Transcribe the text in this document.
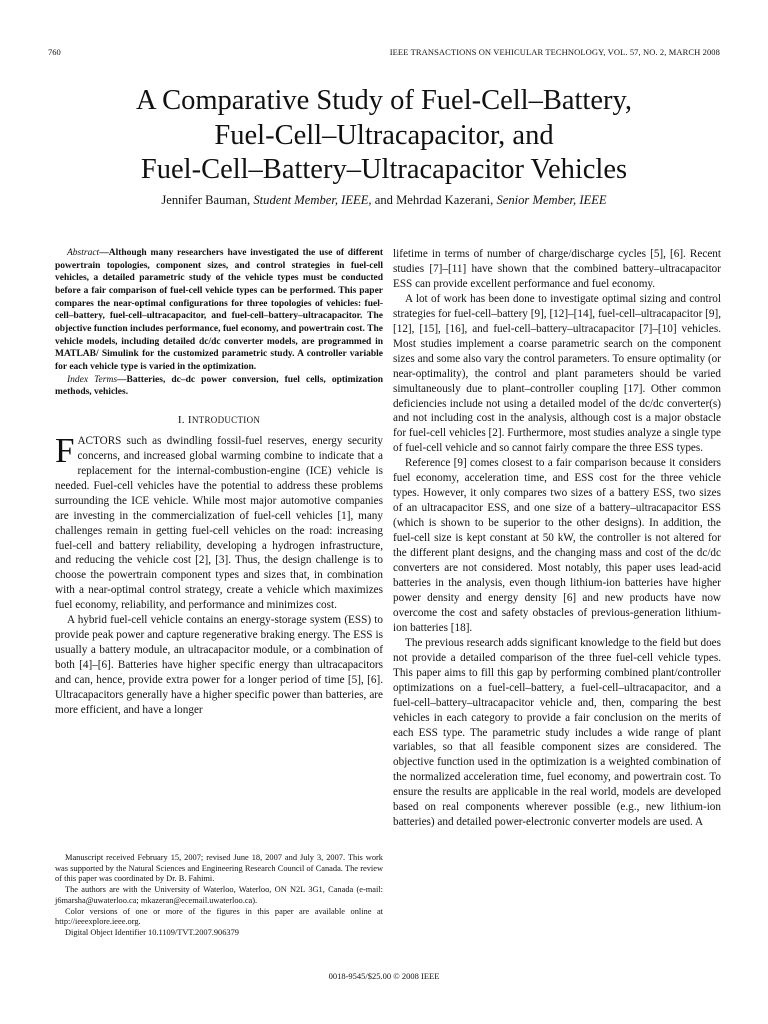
760	IEEE TRANSACTIONS ON VEHICULAR TECHNOLOGY, VOL. 57, NO. 2, MARCH 2008
A Comparative Study of Fuel-Cell–Battery,
Fuel-Cell–Ultracapacitor, and
Fuel-Cell–Battery–Ultracapacitor Vehicles

Jennifer Bauman, Student Member, IEEE, and Mehrdad Kazerani, Senior Member, IEEE

Abstract—Although many researchers have investigated the use of different powertrain topologies, component sizes, and control strategies in fuel-cell vehicles, a detailed parametric study of the vehicle types must be conducted before a fair comparison of fuel-cell vehicle types can be performed. This paper compares the near-optimal configurations for three topologies of vehicles: fuel-cell–battery, fuel-cell–ultracapacitor, and fuel-cell–battery–ultracapacitor. The objective function includes performance, fuel economy, and powertrain cost. The vehicle models, including detailed dc/dc converter models, are programmed in MATLAB/ Simulink for the customized parametric study. A controller variable for each vehicle type is varied in the optimization.

Index Terms—Batteries, dc–dc power conversion, fuel cells, optimization methods, vehicles.

I. INTRODUCTION

FACTORS such as dwindling fossil-fuel reserves, energy security concerns, and increased global warming combine to indicate that a replacement for the internal-combustion-engine (ICE) vehicle is needed. Fuel-cell vehicles have the potential to address these problems surrounding the ICE vehicle. While most major automotive companies are investing in the commercialization of fuel-cell vehicles [1], many challenges remain in getting fuel-cell vehicles on the road: increasing fuel-cell and battery reliability, developing a hydrogen infrastructure, and reducing the vehicle cost [2], [3]. Thus, the design challenge is to choose the powertrain component types and sizes that, in combination with a near-optimal control strategy, create a vehicle which maximizes fuel economy, reliability, and performance and minimizes cost.

A hybrid fuel-cell vehicle contains an energy-storage system (ESS) to provide peak power and capture regenerative braking energy. The ESS is usually a battery module, an ultracapacitor module, or a combination of both [4]–[6]. Batteries have higher specific energy than ultracapacitors and can, hence, provide extra power for a longer period of time [5], [6]. Ultracapacitors generally have a higher specific power than batteries, are more efficient, and have a longer

lifetime in terms of number of charge/discharge cycles [5], [6]. Recent studies [7]–[11] have shown that the combined battery–ultracapacitor ESS can provide excellent performance and fuel economy.

A lot of work has been done to investigate optimal sizing and control strategies for fuel-cell–battery [9], [12]–[14], fuel-cell–ultracapacitor [9], [12], [15], [16], and fuel-cell–battery–ultracapacitor [7]–[10] vehicles. Most studies implement a coarse parametric search on the component sizes and some also vary the control parameters. To ensure optimality (or near-optimality), the control and plant parameters should be varied simultaneously due to plant–controller coupling [17]. Other common deficiencies include not using a detailed model of the dc/dc converter(s) and not including cost in the analysis, although cost is a major obstacle for fuel-cell vehicles [2]. Furthermore, most studies analyze a single type of fuel-cell vehicle and so cannot fairly compare the three ESS types.

Reference [9] comes closest to a fair comparison because it considers fuel economy, acceleration time, and ESS cost for the three vehicle types. However, it only compares two sizes of a battery ESS, two sizes of an ultracapacitor ESS, and one size of a battery–ultracapacitor ESS (which is shown to be superior to the other designs). In addition, the fuel-cell size is kept constant at 50 kW, the controller is not altered for the different plant designs, and the changing mass and cost of the dc/dc converters are not considered. Most notably, this paper uses lead-acid batteries in the analysis, even though lithium-ion batteries have higher power density and energy density [6] and new products have now overcome the cost and safety obstacles of previous-generation lithium-ion batteries [18].

The previous research adds significant knowledge to the field but does not provide a detailed comparison of the three fuel-cell vehicle types. This paper aims to fill this gap by performing combined plant/controller optimizations on a fuel-cell–battery, a fuel-cell–ultracapacitor, and a fuel-cell–battery–ultracapacitor vehicle and, then, comparing the best vehicles in each category to provide a fair conclusion on the merits of each ESS type. The parametric study includes a wide range of plant variables, so that all feasible component sizes are considered. The objective function used in the optimization is a weighted combination of the normalized acceleration time, fuel economy, and powertrain cost. To ensure the results are applicable in the real world, models are developed based on real components wherever possible (e.g., new lithium-ion batteries) and detailed power-electronic converter models are used. A

Manuscript received February 15, 2007; revised June 18, 2007 and July 3, 2007. This work was supported by the Natural Sciences and Engineering Research Council of Canada. The review of this paper was coordinated by Dr. B. Fahimi.

The authors are with the University of Waterloo, Waterloo, ON N2L 3G1, Canada (e-mail: j6marsha@uwaterloo.ca; mkazeran@ecemail.uwaterloo.ca).

Color versions of one or more of the figures in this paper are available online at http://ieeexplore.ieee.org.

Digital Object Identifier 10.1109/TVT.2007.906379

0018-9545/$25.00 © 2008 IEEE
